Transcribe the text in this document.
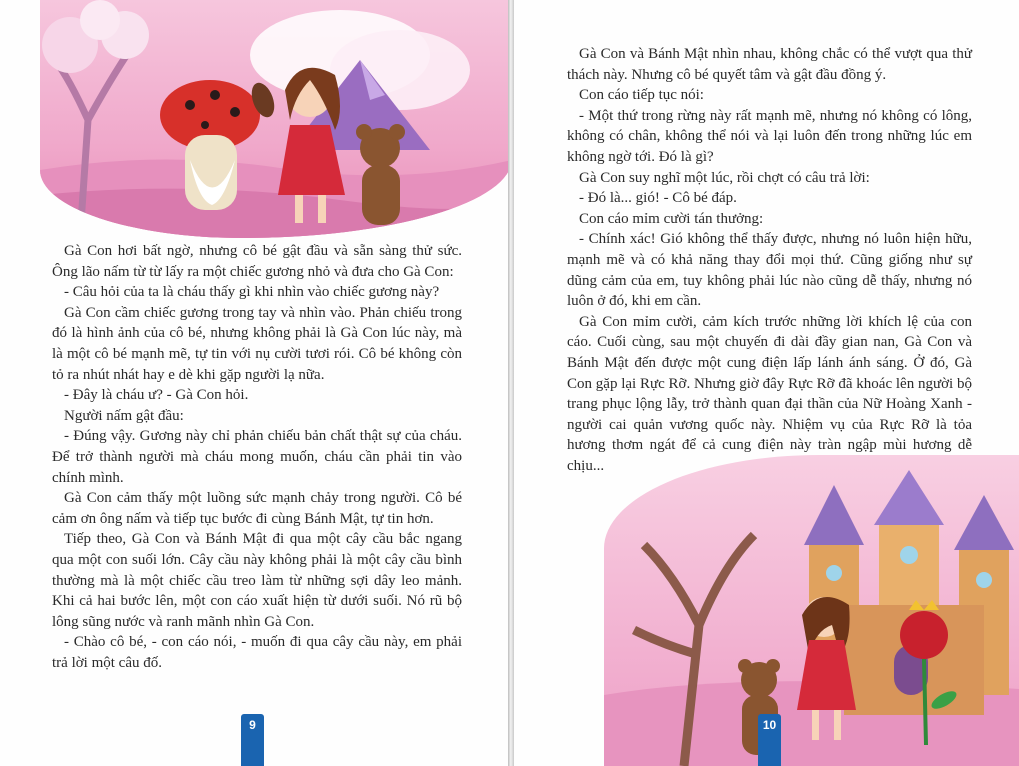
Gà Con hơi bất ngờ, nhưng cô bé gật đầu và sẵn sàng thử sức. Ông lão nấm từ từ lấy ra một chiếc gương nhỏ và đưa cho Gà Con:

- Câu hỏi của ta là cháu thấy gì khi nhìn vào chiếc gương này?

Gà Con cầm chiếc gương trong tay và nhìn vào. Phản chiếu trong đó là hình ảnh của cô bé, nhưng không phải là Gà Con lúc này, mà là một cô bé mạnh mẽ, tự tin với nụ cười tươi rói. Cô bé không còn tỏ ra nhút nhát hay e dè khi gặp người lạ nữa.

- Đây là cháu ư? - Gà Con hỏi.

Người nấm gật đầu:

- Đúng vậy. Gương này chỉ phản chiếu bản chất thật sự của cháu. Để trở thành người mà cháu mong muốn, cháu cần phải tin vào chính mình.

Gà Con cảm thấy một luồng sức mạnh chảy trong người. Cô bé cảm ơn ông nấm và tiếp tục bước đi cùng Bánh Mật, tự tin hơn.

Tiếp theo, Gà Con và Bánh Mật đi qua một cây cầu bắc ngang qua một con suối lớn. Cây cầu này không phải là một cây cầu bình thường mà là một chiếc cầu treo làm từ những sợi dây leo mảnh. Khi cả hai bước lên, một con cáo xuất hiện từ dưới suối. Nó rũ bộ lông sũng nước và ranh mãnh nhìn Gà Con.

- Chào cô bé, - con cáo nói, - muốn đi qua cây cầu này, em phải trả lời một câu đố.

9

Gà Con và Bánh Mật nhìn nhau, không chắc có thể vượt qua thử thách này. Nhưng cô bé quyết tâm và gật đầu đồng ý.

Con cáo tiếp tục nói:

- Một thứ trong rừng này rất mạnh mẽ, nhưng nó không có lông, không có chân, không thể nói và lại luôn đến trong những lúc em không ngờ tới. Đó là gì?

Gà Con suy nghĩ một lúc, rồi chợt có câu trả lời:

- Đó là... gió! - Cô bé đáp.

Con cáo mỉm cười tán thưởng:

- Chính xác! Gió không thể thấy được, nhưng nó luôn hiện hữu, mạnh mẽ và có khả năng thay đổi mọi thứ. Cũng giống như sự dũng cảm của em, tuy không phải lúc nào cũng dễ thấy, nhưng nó luôn ở đó, khi em cần.

Gà Con mỉm cười, cảm kích trước những lời khích lệ của con cáo. Cuối cùng, sau một chuyến đi dài đầy gian nan, Gà Con và Bánh Mật đến được một cung điện lấp lánh ánh sáng. Ở đó, Gà Con gặp lại Rực Rỡ. Nhưng giờ đây Rực Rỡ đã khoác lên người bộ trang phục lộng lẫy, trở thành quan đại thần của Nữ Hoàng Xanh - người cai quản vương quốc này. Nhiệm vụ của Rực Rỡ là tỏa hương thơm ngát để cả cung điện này tràn ngập mùi hương dễ chịu...

10
